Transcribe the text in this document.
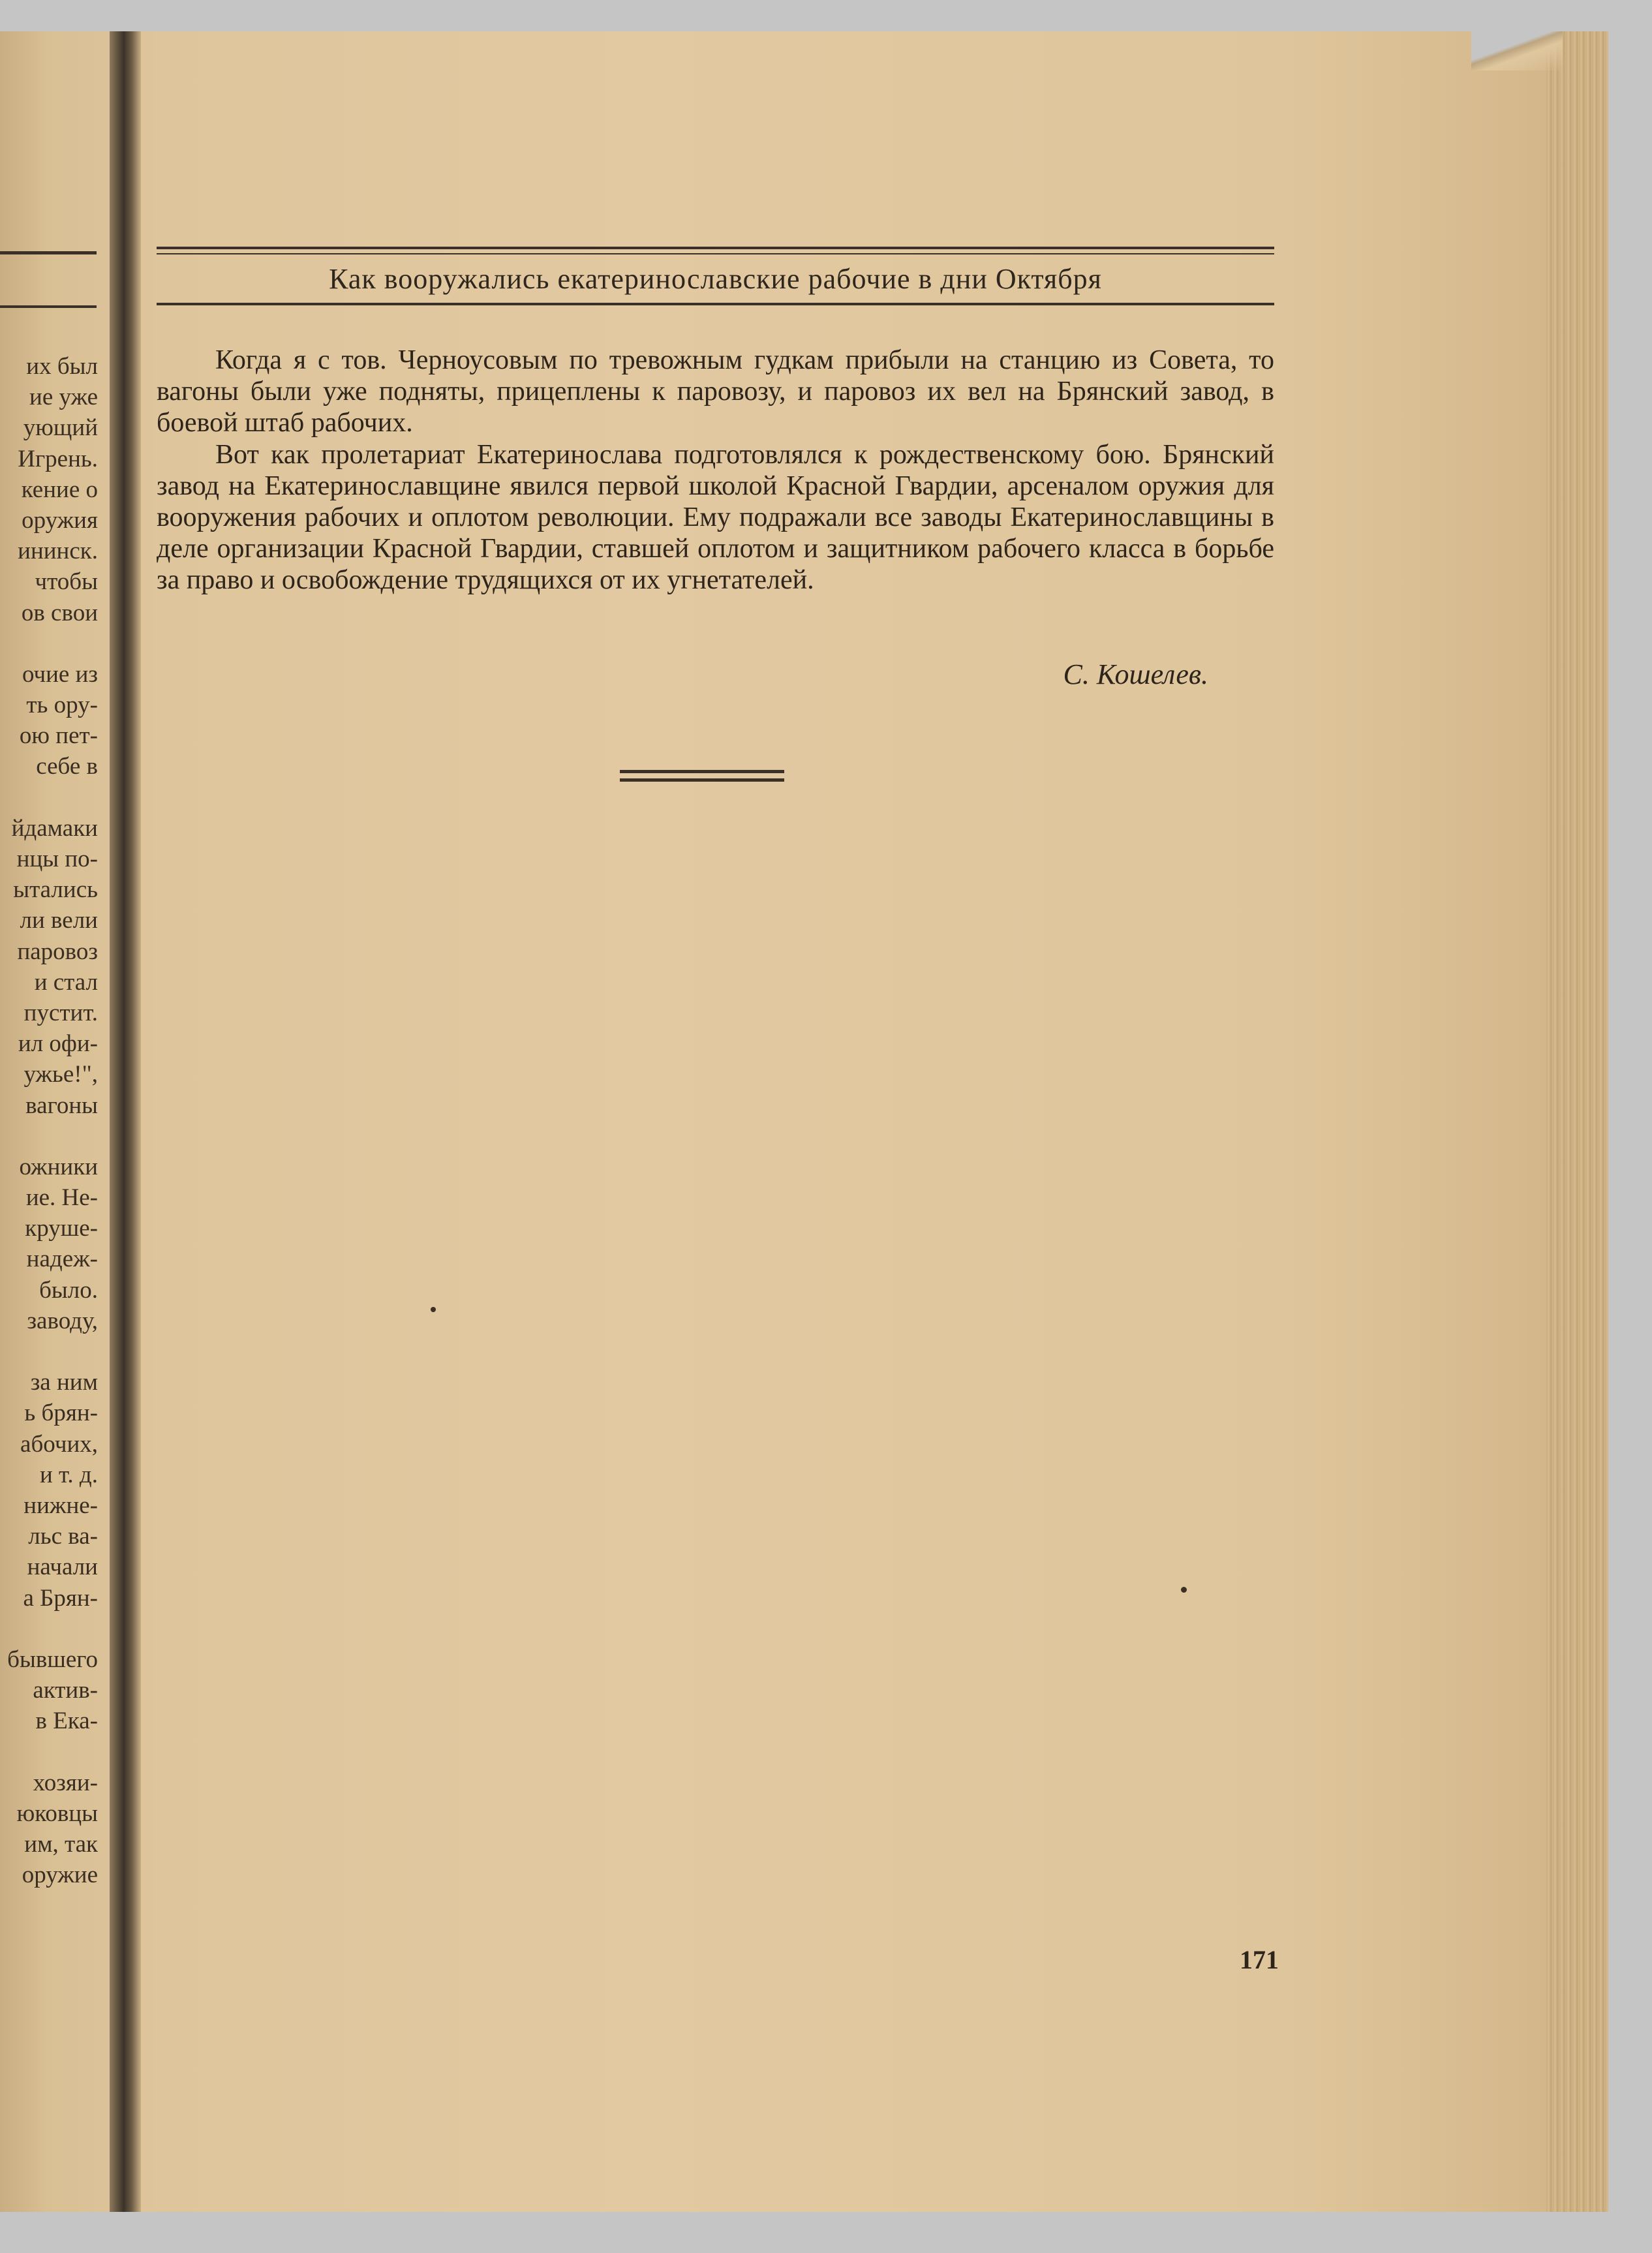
их был
ие уже
ующий
Игрень.
кение о
оружия
ининск.
чтобы
ов свои
очие из
ть ору-
ою пет-
себе в
йдамаки
нцы по-
ытались
ли вели
паровоз
и стал
пустит.
ил офи-
ужье!",
вагоны
ожники
ие. Не-
круше-
надеж-
было.
заводу,
за ним
ь брян-
абочих,
и т. д.
нижне-
льс ва-
начали
а Брян-
бывшего
актив-
в Ека-
хозяи-
юковцы
им, так
оружие
Как вооружались екатеринославские рабочие в дни Октября

Когда я с тов. Черноусовым по тревожным гудкам прибыли на станцию из Совета, то вагоны были уже подняты, прицеплены к паровозу, и паровоз их вел на Брянский завод, в боевой штаб рабочих.

Вот как пролетариат Екатеринослава подготовлялся к рождественскому бою. Брянский завод на Екатеринославщине явился первой школой Красной Гвардии, арсеналом оружия для вооружения рабочих и оплотом революции. Ему подражали все заводы Екатеринославщины в деле организации Красной Гвардии, ставшей оплотом и защитником рабочего класса в борьбе за право и освобождение трудящихся от их угнетателей.

С. Кошелев.
171
